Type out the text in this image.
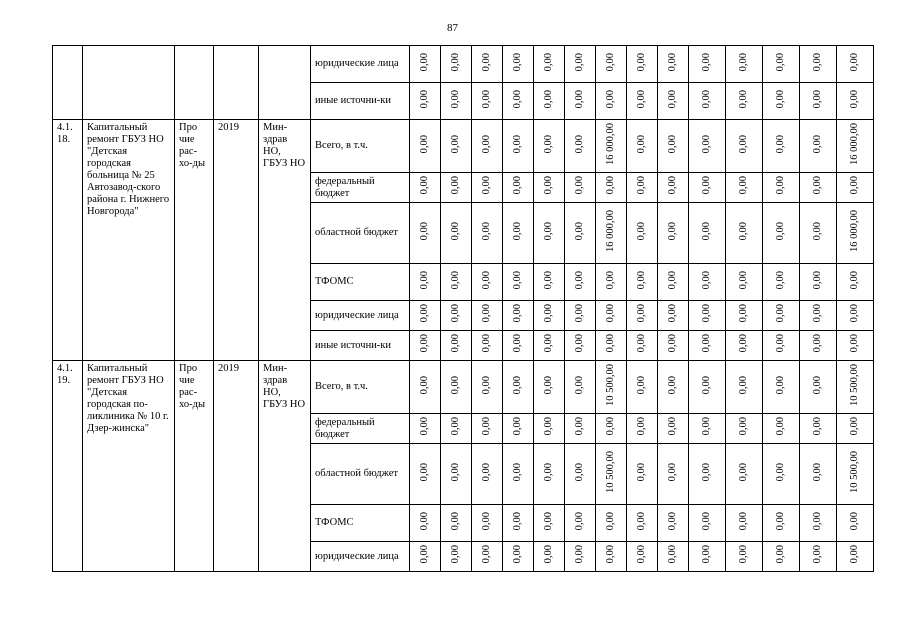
87
					юридические лица	0,00	0,00	0,00	0,00	0,00	0,00	0,00	0,00	0,00	0,00	0,00	0,00	0,00	0,00
					иные источни-ки	0,00	0,00	0,00	0,00	0,00	0,00	0,00	0,00	0,00	0,00	0,00	0,00	0,00	0,00
4.1. 18.	Капитальный ремонт ГБУЗ НО "Детская городская больница № 25 Автозавод-ского района г. Нижнего Новгорода"	Про чие рас-хо-ды	2019	Мин-здрав НО, ГБУЗ НО	Всего, в т.ч.	0,00	0,00	0,00	0,00	0,00	0,00	16 000,00	0,00	0,00	0,00	0,00	0,00	0,00	16 000,00
					федеральный бюджет	0,00	0,00	0,00	0,00	0,00	0,00	0,00	0,00	0,00	0,00	0,00	0,00	0,00	0,00
					областной бюджет	0,00	0,00	0,00	0,00	0,00	0,00	16 000,00	0,00	0,00	0,00	0,00	0,00	0,00	16 000,00
					ТФОМС	0,00	0,00	0,00	0,00	0,00	0,00	0,00	0,00	0,00	0,00	0,00	0,00	0,00	0,00
					юридические лица	0,00	0,00	0,00	0,00	0,00	0,00	0,00	0,00	0,00	0,00	0,00	0,00	0,00	0,00
					иные источни-ки	0,00	0,00	0,00	0,00	0,00	0,00	0,00	0,00	0,00	0,00	0,00	0,00	0,00	0,00
4.1. 19.	Капитальный ремонт ГБУЗ НО "Детская городская по-ликлиника № 10 г. Дзер-жинска"	Про чие рас-хо-ды	2019	Мин-здрав НО, ГБУЗ НО	Всего, в т.ч.	0,00	0,00	0,00	0,00	0,00	0,00	10 500,00	0,00	0,00	0,00	0,00	0,00	0,00	10 500,00
					федеральный бюджет	0,00	0,00	0,00	0,00	0,00	0,00	0,00	0,00	0,00	0,00	0,00	0,00	0,00	0,00
					областной бюджет	0,00	0,00	0,00	0,00	0,00	0,00	10 500,00	0,00	0,00	0,00	0,00	0,00	0,00	10 500,00
					ТФОМС	0,00	0,00	0,00	0,00	0,00	0,00	0,00	0,00	0,00	0,00	0,00	0,00	0,00	0,00
					юридические лица	0,00	0,00	0,00	0,00	0,00	0,00	0,00	0,00	0,00	0,00	0,00	0,00	0,00	0,00
